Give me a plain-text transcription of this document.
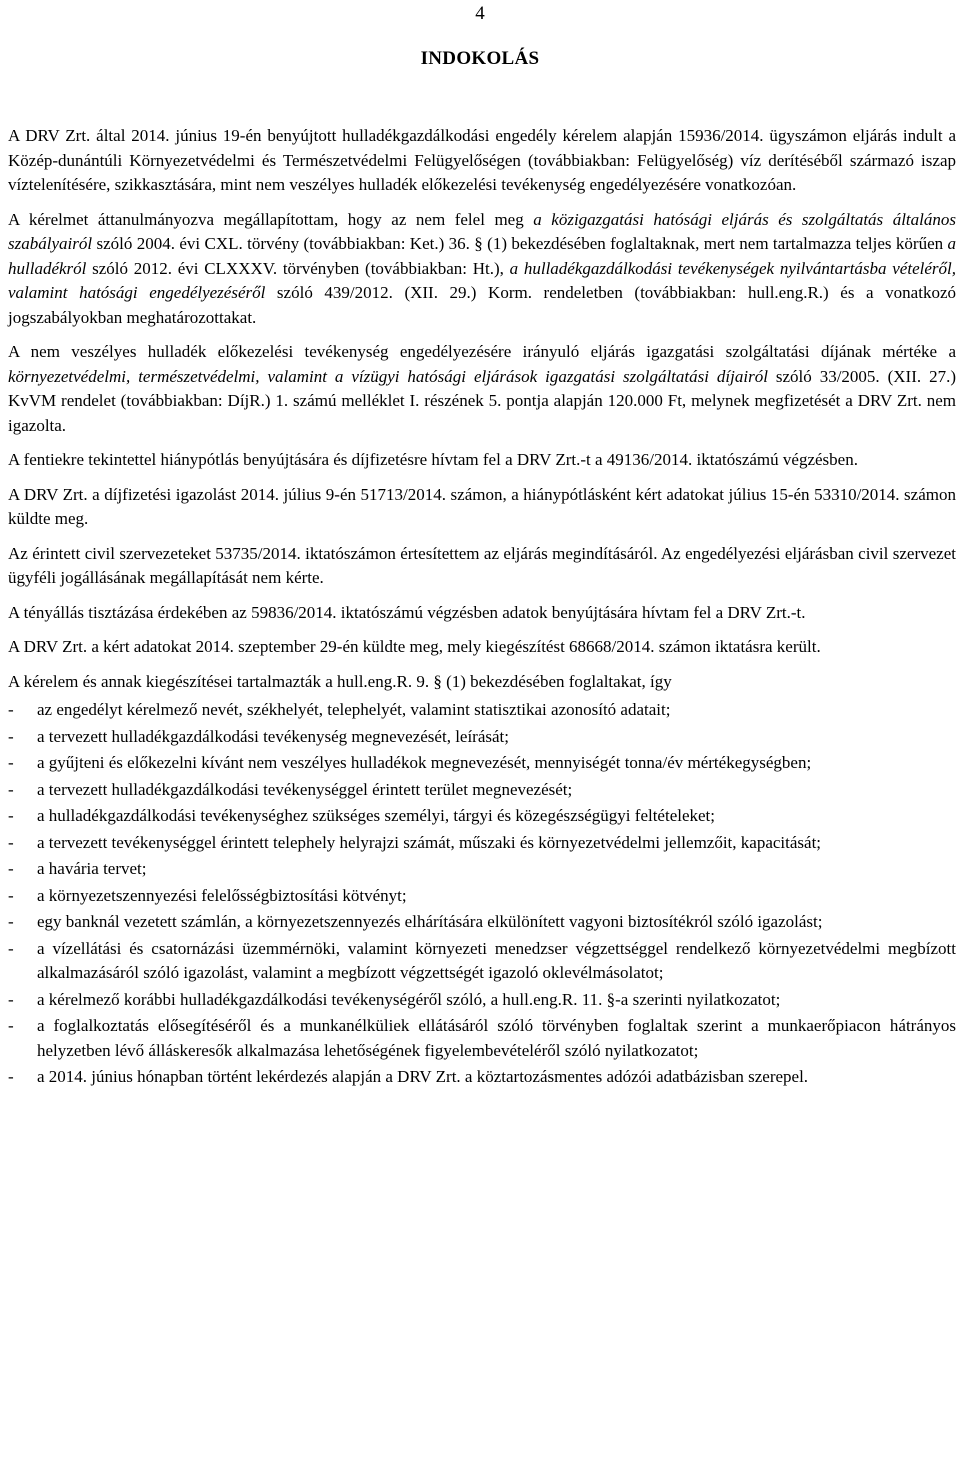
4
INDOKOLÁS

A DRV Zrt. által 2014. június 19-én benyújtott hulladékgazdálkodási engedély kérelem alapján 15936/2014. ügyszámon eljárás indult a Közép-dunántúli Környezetvédelmi és Természetvédelmi Felügyelőségen (továbbiakban: Felügyelőség) víz derítéséből származó iszap víztelenítésére, szikkasztására, mint nem veszélyes hulladék előkezelési tevékenység engedélyezésére vonatkozóan.

A kérelmet áttanulmányozva megállapítottam, hogy az nem felel meg a közigazgatási hatósági eljárás és szolgáltatás általános szabályairól szóló 2004. évi CXL. törvény (továbbiakban: Ket.) 36. § (1) bekezdésében foglaltaknak, mert nem tartalmazza teljes körűen a hulladékról szóló 2012. évi CLXXXV. törvényben (továbbiakban: Ht.), a hulladékgazdálkodási tevékenységek nyilvántartásba vételéről, valamint hatósági engedélyezéséről szóló 439/2012. (XII. 29.) Korm. rendeletben (továbbiakban: hull.eng.R.) és a vonatkozó jogszabályokban meghatározottakat.

A nem veszélyes hulladék előkezelési tevékenység engedélyezésére irányuló eljárás igazgatási szolgáltatási díjának mértéke a környezetvédelmi, természetvédelmi, valamint a vízügyi hatósági eljárások igazgatási szolgáltatási díjairól szóló 33/2005. (XII. 27.) KvVM rendelet (továbbiakban: DíjR.) 1. számú melléklet I. részének 5. pontja alapján 120.000 Ft, melynek megfizetését a DRV Zrt. nem igazolta.

A fentiekre tekintettel hiánypótlás benyújtására és díjfizetésre hívtam fel a DRV Zrt.-t a 49136/2014. iktatószámú végzésben.

A DRV Zrt. a díjfizetési igazolást 2014. július 9-én 51713/2014. számon, a hiánypótlásként kért adatokat július 15-én 53310/2014. számon küldte meg.

Az érintett civil szervezeteket 53735/2014. iktatószámon értesítettem az eljárás megindításáról. Az engedélyezési eljárásban civil szervezet ügyféli jogállásának megállapítását nem kérte.

A tényállás tisztázása érdekében az 59836/2014. iktatószámú végzésben adatok benyújtására hívtam fel a DRV Zrt.-t.

A DRV Zrt. a kért adatokat 2014. szeptember 29-én küldte meg, mely kiegészítést 68668/2014. számon iktatásra került.

A kérelem és annak kiegészítései tartalmazták a hull.eng.R. 9. § (1) bekezdésében foglaltakat, így

- az engedélyt kérelmező nevét, székhelyét, telephelyét, valamint statisztikai azonosító adatait;
- a tervezett hulladékgazdálkodási tevékenység megnevezését, leírását;
- a gyűjteni és előkezelni kívánt nem veszélyes hulladékok megnevezését, mennyiségét tonna/év mértékegységben;
- a tervezett hulladékgazdálkodási tevékenységgel érintett terület megnevezését;
- a hulladékgazdálkodási tevékenységhez szükséges személyi, tárgyi és közegészségügyi feltételeket;
- a tervezett tevékenységgel érintett telephely helyrajzi számát, műszaki és környezetvédelmi jellemzőit, kapacitását;
- a havária tervet;
- a környezetszennyezési felelősségbiztosítási kötvényt;
- egy banknál vezetett számlán, a környezetszennyezés elhárítására elkülönített vagyoni biztosítékról szóló igazolást;
- a vízellátási és csatornázási üzemmérnöki, valamint környezeti menedzser végzettséggel rendelkező környezetvédelmi megbízott alkalmazásáról szóló igazolást, valamint a megbízott végzettségét igazoló oklevélmásolatot;
- a kérelmező korábbi hulladékgazdálkodási tevékenységéről szóló, a hull.eng.R. 11. §-a szerinti nyilatkozatot;
- a foglalkoztatás elősegítéséről és a munkanélküliek ellátásáról szóló törvényben foglaltak szerint a munkaerőpiacon hátrányos helyzetben lévő álláskeresők alkalmazása lehetőségének figyelembevételéről szóló nyilatkozatot;
- a 2014. június hónapban történt lekérdezés alapján a DRV Zrt. a köztartozásmentes adózói adatbázisban szerepel.
